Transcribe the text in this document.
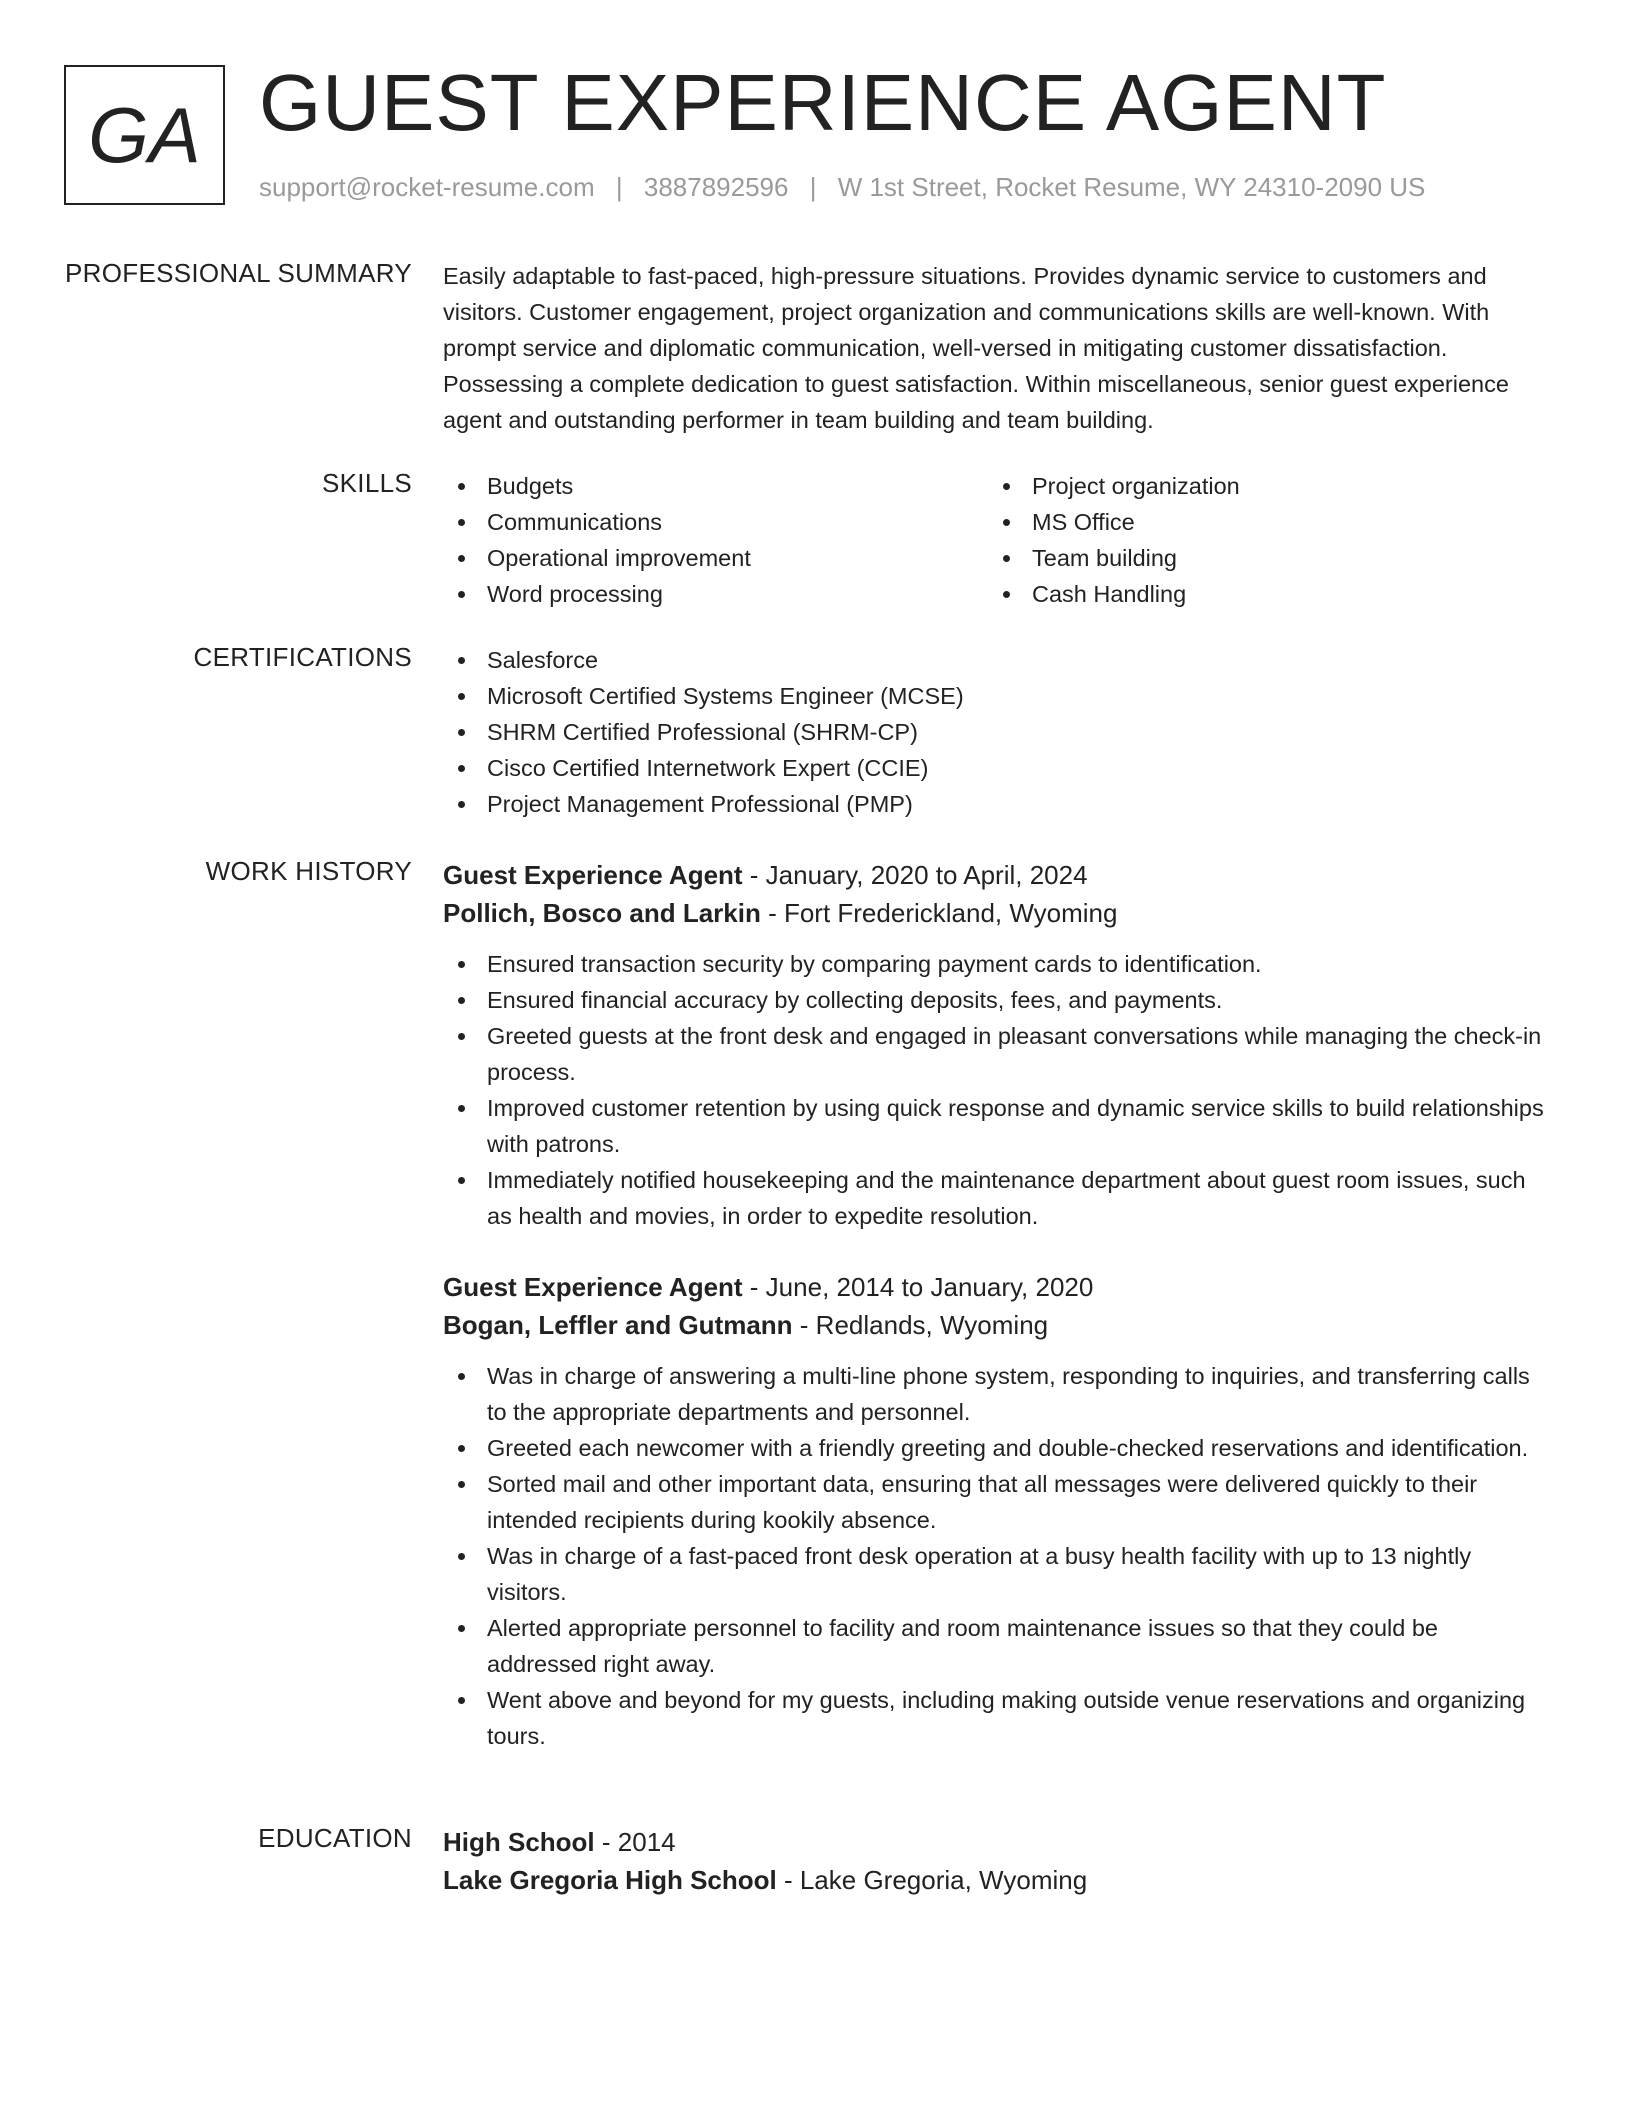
GA GUEST EXPERIENCE AGENT
support@rocket-resume.com | 3887892596 | W 1st Street, Rocket Resume, WY 24310-2090 US
PROFESSIONAL SUMMARY Easily adaptable to fast-paced, high-pressure situations. Provides dynamic service to customers and visitors. Customer engagement, project organization and communications skills are well-known. With prompt service and diplomatic communication, well-versed in mitigating customer dissatisfaction. Possessing a complete dedication to guest satisfaction. Within miscellaneous, senior guest experience agent and outstanding performer in team building and team building.

SKILLS	Budgets
Communications
Operational improvement
Word processing
Project organization
MS Office
Team building
Cash Handling
CERTIFICATIONS	Salesforce
Microsoft Certified Systems Engineer (MCSE)
SHRM Certified Professional (SHRM-CP)
Cisco Certified Internetwork Expert (CCIE)
Project Management Professional (PMP)
WORK HISTORY Guest Experience Agent - January, 2020 to April, 2024
Pollich, Bosco and Larkin - Fort Frederickland, Wyoming
Ensured transaction security by comparing payment cards to identification.
Ensured financial accuracy by collecting deposits, fees, and payments.
Greeted guests at the front desk and engaged in pleasant conversations while managing the check-in process.
Improved customer retention by using quick response and dynamic service skills to build relationships with patrons.
Immediately notified housekeeping and the maintenance department about guest room issues, such as health and movies, in order to expedite resolution.
Guest Experience Agent - June, 2014 to January, 2020
Bogan, Leffler and Gutmann - Redlands, Wyoming
Was in charge of answering a multi-line phone system, responding to inquiries, and transferring calls to the appropriate departments and personnel.
Greeted each newcomer with a friendly greeting and double-checked reservations and identification.
Sorted mail and other important data, ensuring that all messages were delivered quickly to their intended recipients during kookily absence.
Was in charge of a fast-paced front desk operation at a busy health facility with up to 13 nightly visitors.
Alerted appropriate personnel to facility and room maintenance issues so that they could be addressed right away.
Went above and beyond for my guests, including making outside venue reservations and organizing tours.
EDUCATION High School - 2014
Lake Gregoria High School - Lake Gregoria, Wyoming
